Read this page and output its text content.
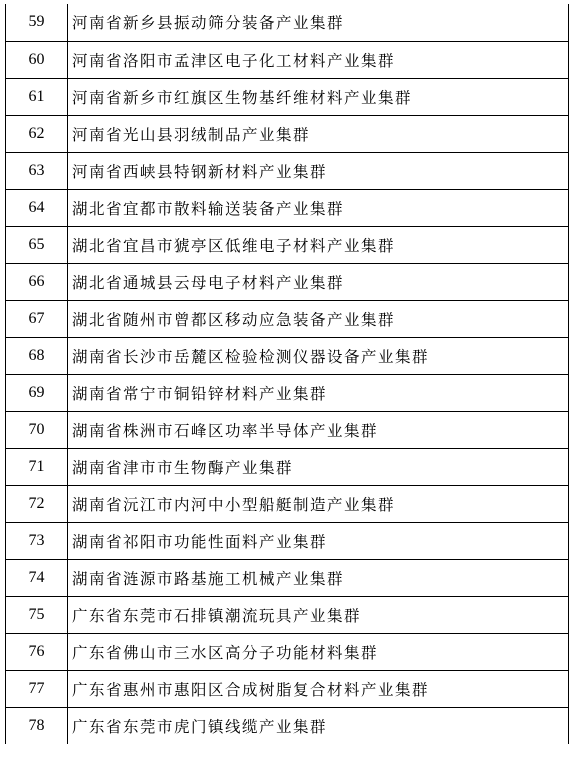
59	河南省新乡县振动筛分装备产业集群
60	河南省洛阳市孟津区电子化工材料产业集群
61	河南省新乡市红旗区生物基纤维材料产业集群
62	河南省光山县羽绒制品产业集群
63	河南省西峡县特钢新材料产业集群
64	湖北省宜都市散料输送装备产业集群
65	湖北省宜昌市猇亭区低维电子材料产业集群
66	湖北省通城县云母电子材料产业集群
67	湖北省随州市曾都区移动应急装备产业集群
68	湖南省长沙市岳麓区检验检测仪器设备产业集群
69	湖南省常宁市铜铅锌材料产业集群
70	湖南省株洲市石峰区功率半导体产业集群
71	湖南省津市市生物酶产业集群
72	湖南省沅江市内河中小型船艇制造产业集群
73	湖南省祁阳市功能性面料产业集群
74	湖南省涟源市路基施工机械产业集群
75	广东省东莞市石排镇潮流玩具产业集群
76	广东省佛山市三水区高分子功能材料集群
77	广东省惠州市惠阳区合成树脂复合材料产业集群
78	广东省东莞市虎门镇线缆产业集群
